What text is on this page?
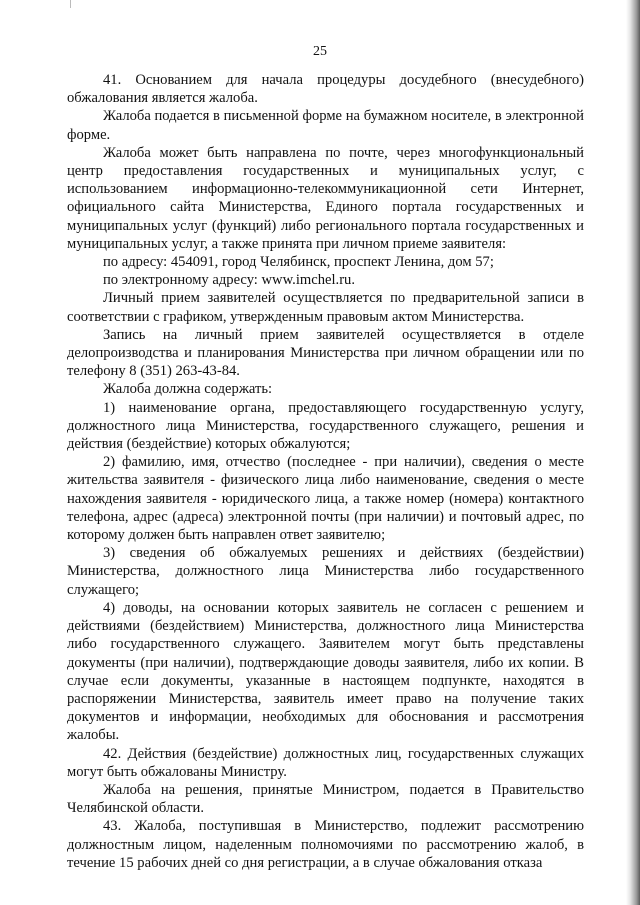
25

41. Основанием для начала процедуры досудебного (внесудебного) обжалования является жалоба.

Жалоба подается в письменной форме на бумажном носителе, в электронной форме.

Жалоба может быть направлена по почте, через многофункциональный центр предоставления государственных и муниципальных услуг, с использованием информационно-телекоммуникационной сети Интернет, официального сайта Министерства, Единого портала государственных и муниципальных услуг (функций) либо регионального портала государственных и муниципальных услуг, а также принята при личном приеме заявителя:

по адресу: 454091, город Челябинск, проспект Ленина, дом 57;

по электронному адресу: www.imchel.ru.

Личный прием заявителей осуществляется по предварительной записи в соответствии с графиком, утвержденным правовым актом Министерства.

Запись на личный прием заявителей осуществляется в отделе делопроизводства и планирования Министерства при личном обращении или по телефону 8 (351) 263-43-84.

Жалоба должна содержать:

1) наименование органа, предоставляющего государственную услугу, должностного лица Министерства, государственного служащего, решения и действия (бездействие) которых обжалуются;

2) фамилию, имя, отчество (последнее - при наличии), сведения о месте жительства заявителя - физического лица либо наименование, сведения о месте нахождения заявителя - юридического лица, а также номер (номера) контактного телефона, адрес (адреса) электронной почты (при наличии) и почтовый адрес, по которому должен быть направлен ответ заявителю;

3) сведения об обжалуемых решениях и действиях (бездействии) Министерства, должностного лица Министерства либо государственного служащего;

4) доводы, на основании которых заявитель не согласен с решением и действиями (бездействием) Министерства, должностного лица Министерства либо государственного служащего. Заявителем могут быть представлены документы (при наличии), подтверждающие доводы заявителя, либо их копии. В случае если документы, указанные в настоящем подпункте, находятся в распоряжении Министерства, заявитель имеет право на получение таких документов и информации, необходимых для обоснования и рассмотрения жалобы.

42. Действия (бездействие) должностных лиц, государственных служащих могут быть обжалованы Министру.

Жалоба на решения, принятые Министром, подается в Правительство Челябинской области.

43. Жалоба, поступившая в Министерство, подлежит рассмотрению должностным лицом, наделенным полномочиями по рассмотрению жалоб, в течение 15 рабочих дней со дня регистрации, а в случае обжалования отказа
